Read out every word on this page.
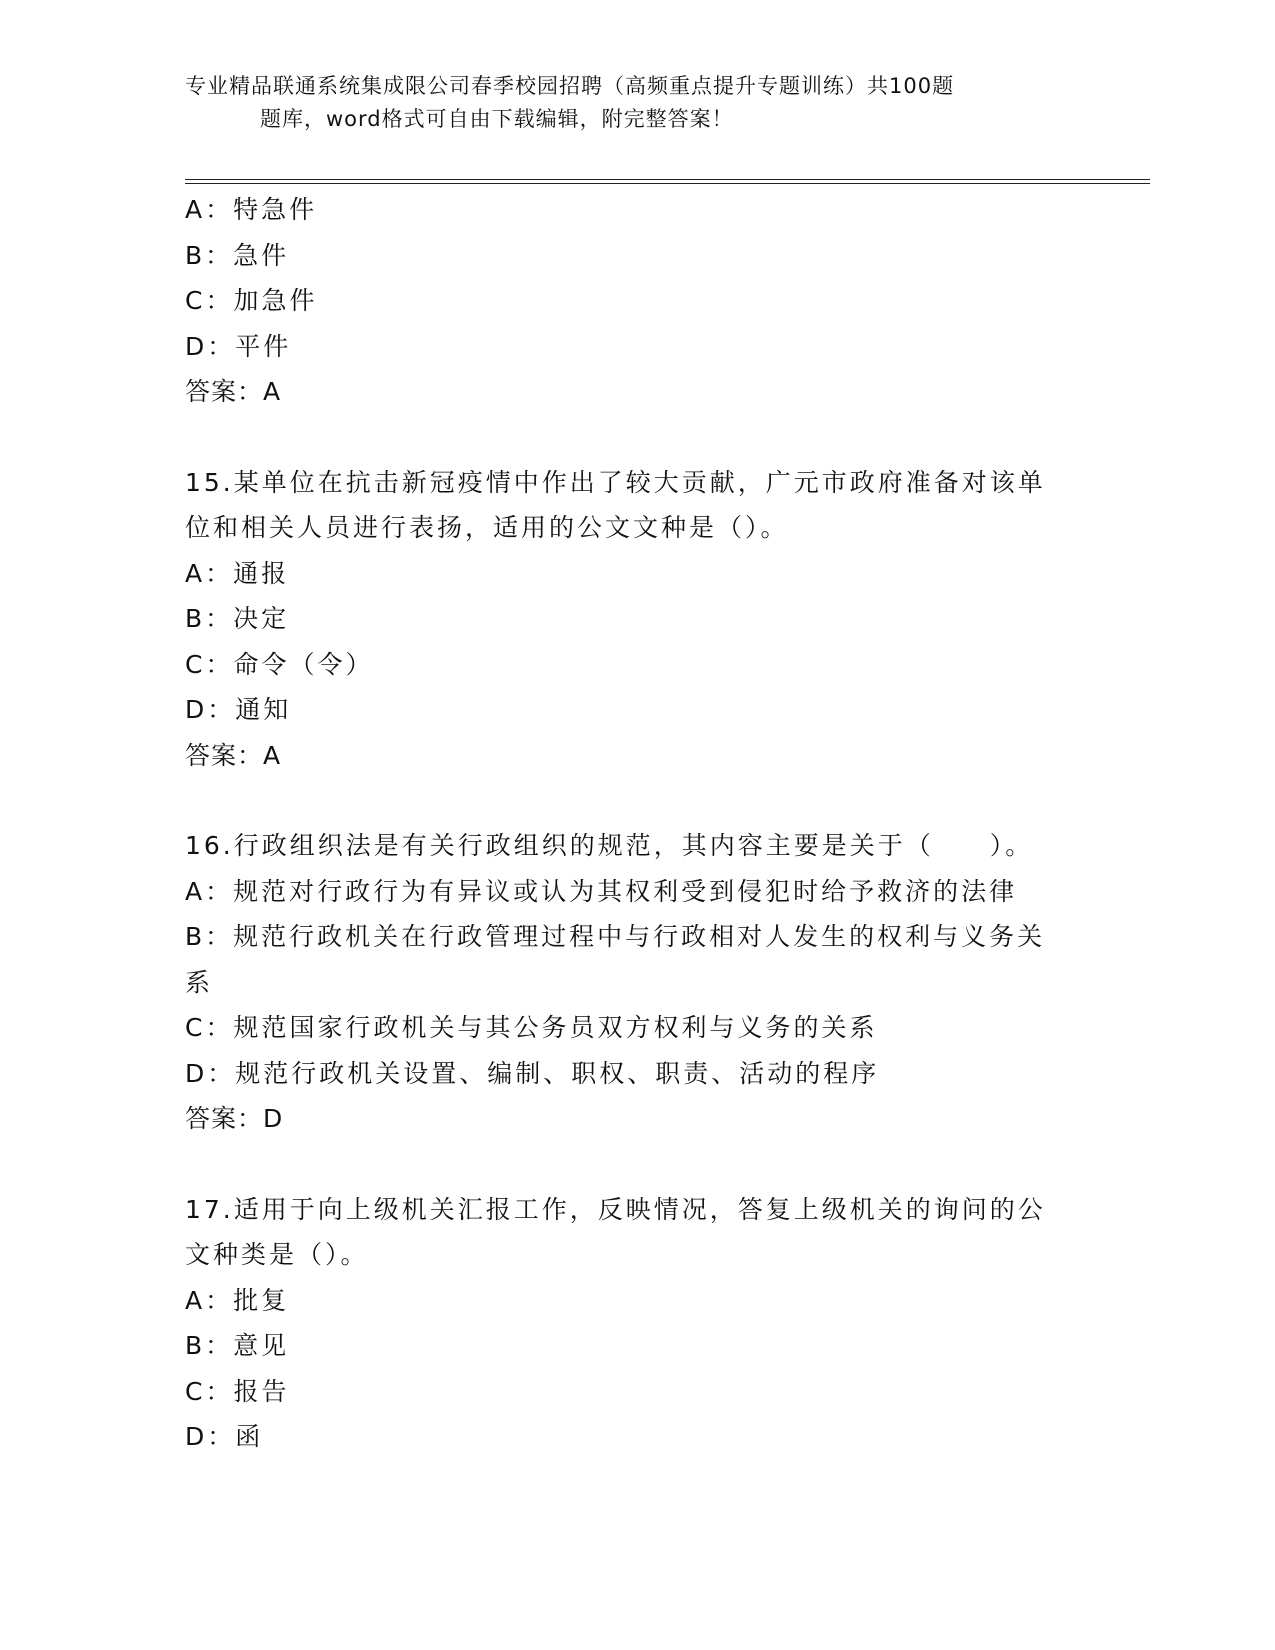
专业精品联通系统集成限公司春季校园招聘（高频重点提升专题训练）共100题
题库，word格式可自由下载编辑，附完整答案！
A：特急件
B：急件
C：加急件
D：平件
答案：A
15.某单位在抗击新冠疫情中作出了较大贡献，广元市政府准备对该单
位和相关人员进行表扬，适用的公文文种是（）。
A：通报
B：决定
C：命令（令）
D：通知
答案：A
16.行政组织法是有关行政组织的规范，其内容主要是关于（　　）。
A：规范对行政行为有异议或认为其权利受到侵犯时给予救济的法律
B：规范行政机关在行政管理过程中与行政相对人发生的权利与义务关
系
C：规范国家行政机关与其公务员双方权利与义务的关系
D：规范行政机关设置、编制、职权、职责、活动的程序
答案：D
17.适用于向上级机关汇报工作，反映情况，答复上级机关的询问的公
文种类是（）。
A：批复
B：意见
C：报告
D：函
